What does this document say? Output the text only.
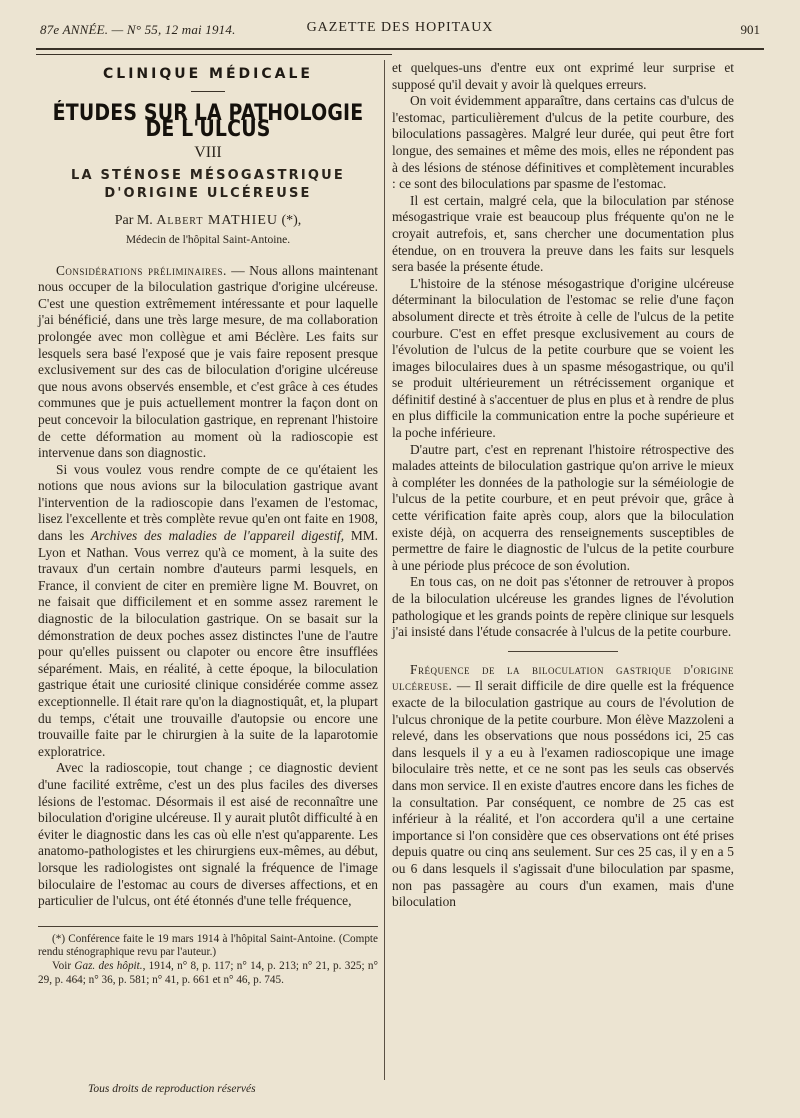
87e ANNÉE. — N° 55, 12 mai 1914.	GAZETTE DES HOPITAUX	901
CLINIQUE MÉDICALE
ÉTUDES SUR LA PATHOLOGIE DE L'ULCUS
VIII
LA STÉNOSE MÉSOGASTRIQUE
D'ORIGINE ULCÉREUSE
Par M. Albert MATHIEU (*),
Médecin de l'hôpital Saint-Antoine.

Considérations préliminaires. — Nous allons maintenant nous occuper de la biloculation gastrique d'origine ulcéreuse. C'est une question extrêmement intéressante et pour laquelle j'ai bénéficié, dans une très large mesure, de ma collaboration prolongée avec mon collègue et ami Béclère. Les faits sur lesquels sera basé l'exposé que je vais faire reposent presque exclusivement sur des cas de biloculation d'origine ulcéreuse que nous avons observés ensemble, et c'est grâce à ces études communes que je puis actuellement montrer la façon dont on peut concevoir la biloculation gastrique, en reprenant l'histoire de cette déformation au moment où la radioscopie est intervenue dans son diagnostic.

Si vous voulez vous rendre compte de ce qu'étaient les notions que nous avions sur la biloculation gastrique avant l'intervention de la radioscopie dans l'examen de l'estomac, lisez l'excellente et très complète revue qu'en ont faite en 1908, dans les Archives des maladies de l'appareil digestif, MM. Lyon et Nathan. Vous verrez qu'à ce moment, à la suite des travaux d'un certain nombre d'auteurs parmi lesquels, en France, il convient de citer en première ligne M. Bouvret, on ne faisait que difficilement et en somme assez rarement le diagnostic de la biloculation gastrique. On se basait sur la démonstration de deux poches assez distinctes l'une de l'autre pour qu'elles puissent ou clapoter ou encore être insufflées séparément. Mais, en réalité, à cette époque, la biloculation gastrique était une curiosité clinique considérée comme assez exceptionnelle. Il était rare qu'on la diagnostiquât, et, la plupart du temps, c'était une trouvaille d'autopsie ou encore une trouvaille faite par le chirurgien à la suite de la laparotomie exploratrice.

Avec la radioscopie, tout change ; ce diagnostic devient d'une facilité extrême, c'est un des plus faciles des diverses lésions de l'estomac. Désormais il est aisé de reconnaître une biloculation d'origine ulcéreuse. Il y aurait plutôt difficulté à en éviter le diagnostic dans les cas où elle n'est qu'apparente. Les anatomo-pathologistes et les chirurgiens eux-mêmes, au début, lorsque les radiologistes ont signalé la fréquence de l'image biloculaire de l'estomac au cours de diverses affections, et en particulier de l'ulcus, ont été étonnés d'une telle fréquence,

(*) Conférence faite le 19 mars 1914 à l'hôpital Saint-Antoine. (Compte rendu sténographique revu par l'auteur.)
Voir Gaz. des hôpit., 1914, n° 8, p. 117; n° 14, p. 213; n° 21, p. 325; n° 29, p. 464; n° 36, p. 581; n° 41, p. 661 et n° 46, p. 745.

et quelques-uns d'entre eux ont exprimé leur surprise et supposé qu'il devait y avoir là quelques erreurs.

On voit évidemment apparaître, dans certains cas d'ulcus de l'estomac, particulièrement d'ulcus de la petite courbure, des biloculations passagères. Malgré leur durée, qui peut être fort longue, des semaines et même des mois, elles ne répondent pas à des lésions de sténose définitives et complètement incurables : ce sont des biloculations par spasme de l'estomac.

Il est certain, malgré cela, que la biloculation par sténose mésogastrique vraie est beaucoup plus fréquente qu'on ne le croyait autrefois, et, sans chercher une documentation plus étendue, on en trouvera la preuve dans les faits sur lesquels sera basée la présente étude.

L'histoire de la sténose mésogastrique d'origine ulcéreuse déterminant la biloculation de l'estomac se relie d'une façon absolument directe et très étroite à celle de l'ulcus de la petite courbure. C'est en effet presque exclusivement au cours de l'évolution de l'ulcus de la petite courbure que se voient les images biloculaires dues à un spasme mésogastrique, ou qu'il se produit ultérieurement un rétrécissement organique et définitif destiné à s'accentuer de plus en plus et à rendre de plus en plus difficile la communication entre la poche supérieure et la poche inférieure.

D'autre part, c'est en reprenant l'histoire rétrospective des malades atteints de biloculation gastrique qu'on arrive le mieux à compléter les données de la pathologie sur la séméiologie de l'ulcus de la petite courbure, et en peut prévoir que, grâce à cette vérification faite après coup, alors que la biloculation existe déjà, on acquerra des renseignements susceptibles de permettre de faire le diagnostic de l'ulcus de la petite courbure à une période plus précoce de son évolution.

En tous cas, on ne doit pas s'étonner de retrouver à propos de la biloculation ulcéreuse les grandes lignes de l'évolution pathologique et les grands points de repère clinique sur lesquels j'ai insisté dans l'étude consacrée à l'ulcus de la petite courbure.

Fréquence de la biloculation gastrique d'origine ulcéreuse. — Il serait difficile de dire quelle est la fréquence exacte de la biloculation gastrique au cours de l'évolution de l'ulcus chronique de la petite courbure. Mon élève Mazzoleni a relevé, dans les observations que nous possédons ici, 25 cas dans lesquels il y a eu à l'examen radioscopique une image biloculaire très nette, et ce ne sont pas les seuls cas observés dans mon service. Il en existe d'autres encore dans les fiches de la consultation. Par conséquent, ce nombre de 25 cas est inférieur à la réalité, et l'on accordera qu'il a une certaine importance si l'on considère que ces observations ont été prises depuis quatre ou cinq ans seulement. Sur ces 25 cas, il y en a 5 ou 6 dans lesquels il s'agissait d'une biloculation par spasme, non pas passagère au cours d'un examen, mais d'une biloculation

Tous droits de reproduction réservés
